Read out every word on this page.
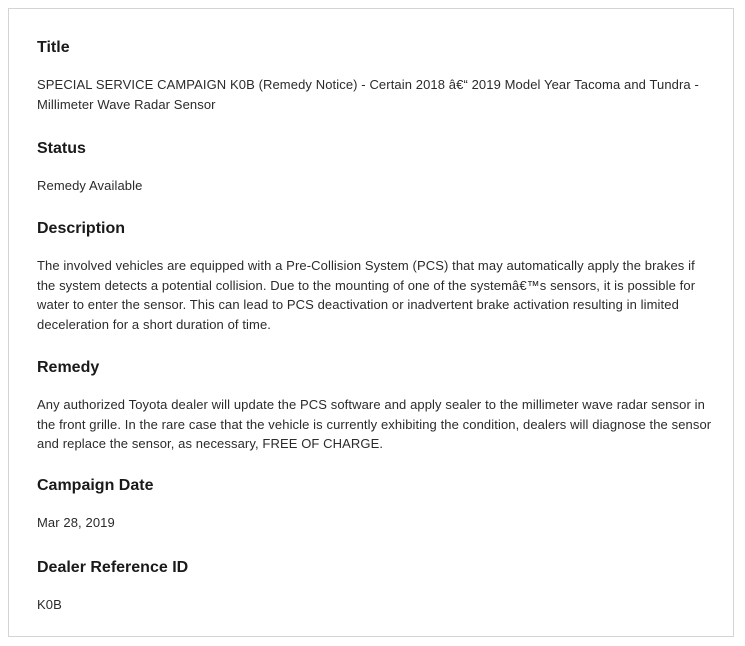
Title

SPECIAL SERVICE CAMPAIGN K0B (Remedy Notice) - Certain 2018 â€“ 2019 Model Year Tacoma and Tundra - Millimeter Wave Radar Sensor

Status

Remedy Available

Description

The involved vehicles are equipped with a Pre-Collision System (PCS) that may automatically apply the brakes if the system detects a potential collision. Due to the mounting of one of the systemâ€™s sensors, it is possible for water to enter the sensor. This can lead to PCS deactivation or inadvertent brake activation resulting in limited deceleration for a short duration of time.

Remedy

Any authorized Toyota dealer will update the PCS software and apply sealer to the millimeter wave radar sensor in the front grille. In the rare case that the vehicle is currently exhibiting the condition, dealers will diagnose the sensor and replace the sensor, as necessary, FREE OF CHARGE.

Campaign Date

Mar 28, 2019

Dealer Reference ID

K0B
